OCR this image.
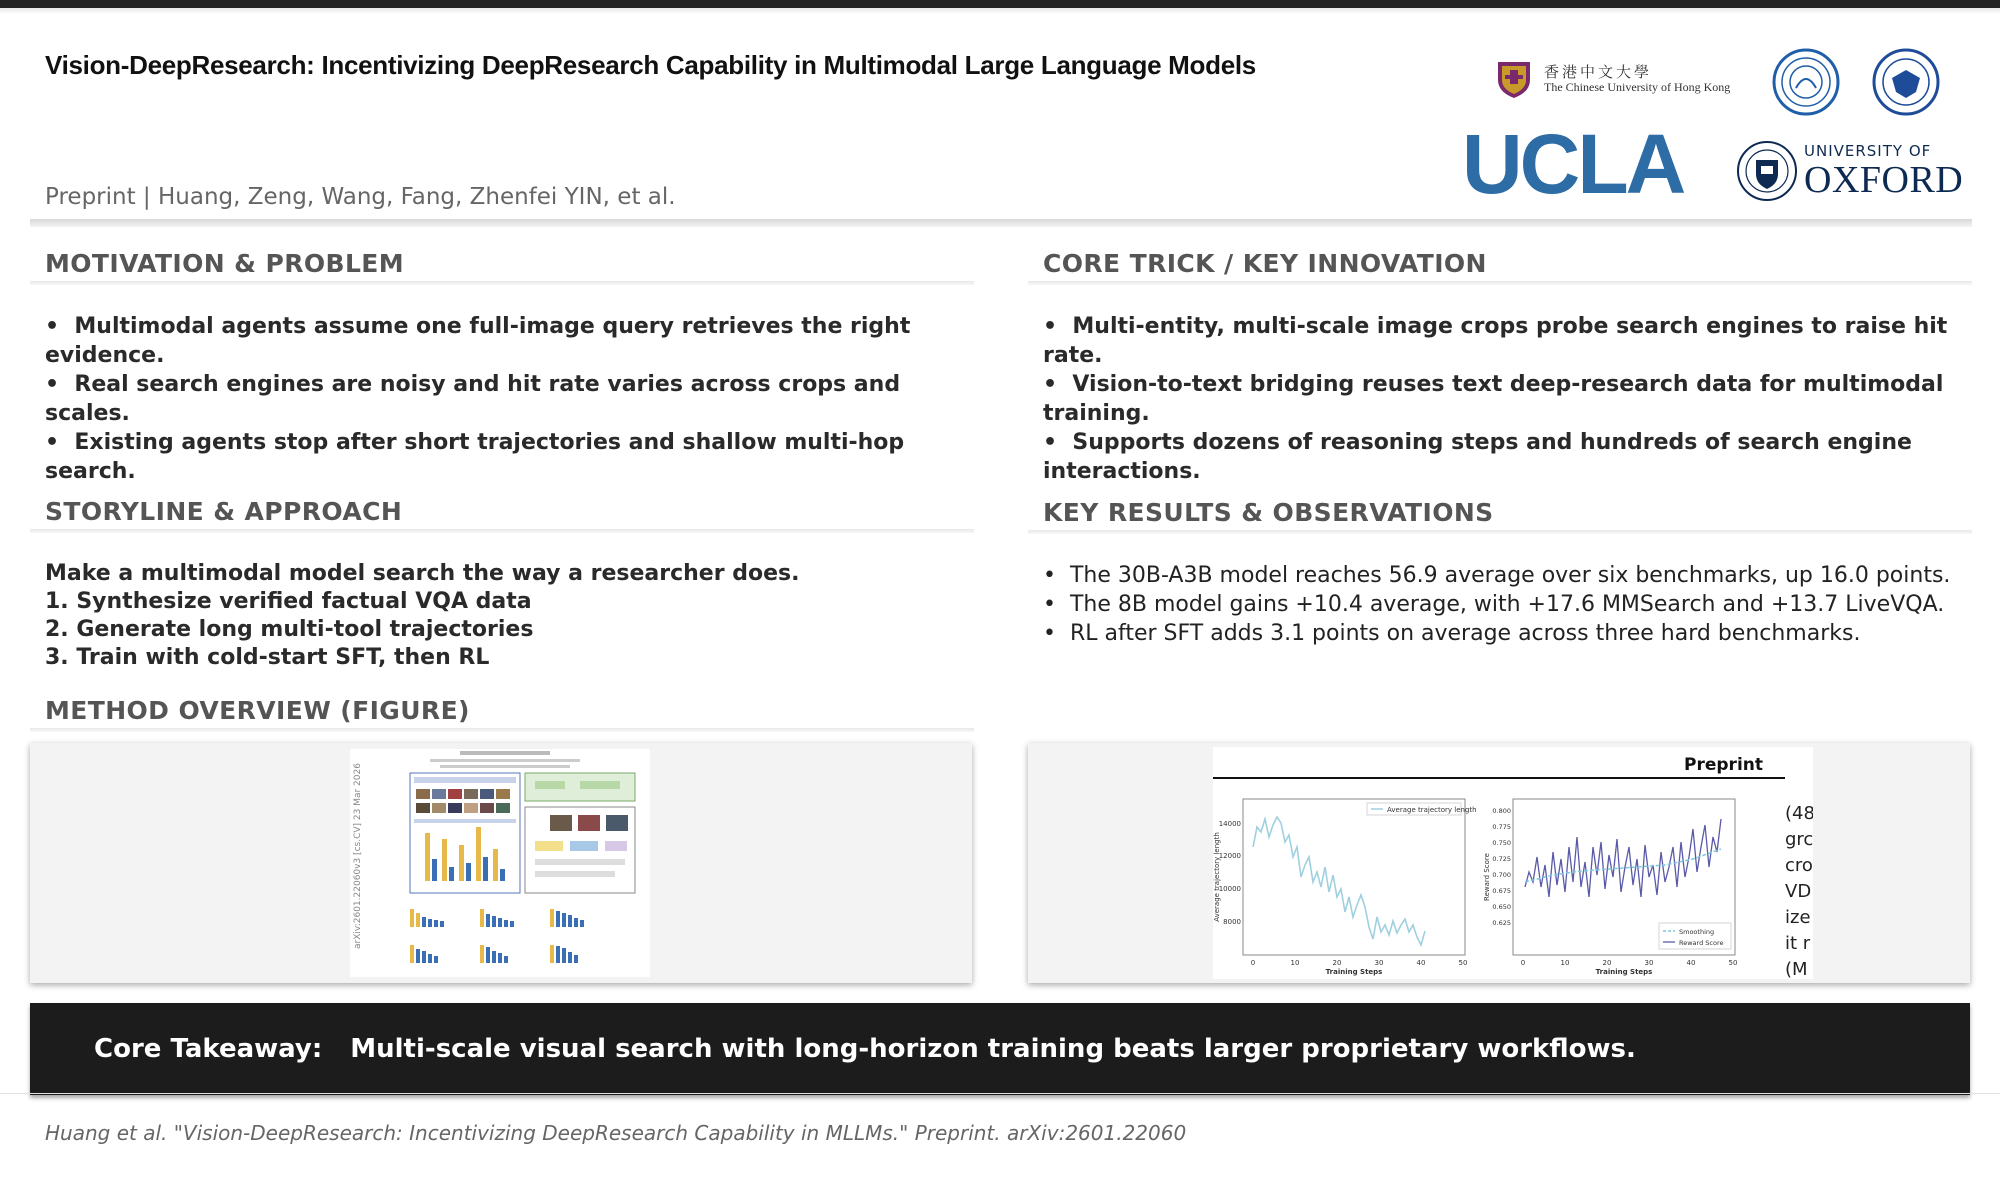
Vision-DeepResearch: Incentivizing DeepResearch Capability in Multimodal Large Language Models
Preprint | Huang, Zeng, Wang, Fang, Zhenfei YIN, et al.
香港中文大學
The Chinese University of Hong Kong
UCLA	UNIVERSITY OF
OXFORD
MOTIVATION & PROBLEM
•  Multimodal agents assume one full-image query retrieves the right evidence.
•  Real search engines are noisy and hit rate varies across crops and scales.
•  Existing agents stop after short trajectories and shallow multi-hop search.
CORE TRICK / KEY INNOVATION
•  Multi-entity, multi-scale image crops probe search engines to raise hit rate.
•  Vision-to-text bridging reuses text deep-research data for multimodal training.
•  Supports dozens of reasoning steps and hundreds of search engine interactions.
STORYLINE & APPROACH
Make a multimodal model search the way a researcher does.
1. Synthesize verified factual VQA data
2. Generate long multi-tool trajectories
3. Train with cold-start SFT, then RL
KEY RESULTS & OBSERVATIONS
•  The 30B-A3B model reaches 56.9 average over six benchmarks, up 16.0 points.
•  The 8B model gains +10.4 average, with +17.6 MMSearch and +13.7 LiveVQA.
•  RL after SFT adds 3.1 points on average across three hard benchmarks.
METHOD OVERVIEW (FIGURE)
arXiv:2601.22060v3 [cs.CV] 23 Mar 2026	Preprint
(48
grc
cro
VD
ize
it r
(M
Average trajectory length
Average trajectory length
14000
12000
10000
8000
0	10	20	30	40	50
Training Steps
Reward Score
0.800
0.775
0.750
0.725
0.700
0.675
0.650
0.625
0	10	20	30	40	50
Training Steps
Smoothing
Reward Score
Core Takeaway: Multi-scale visual search with long-horizon training beats larger proprietary workflows.
Huang et al. "Vision-DeepResearch: Incentivizing DeepResearch Capability in MLLMs." Preprint. arXiv:2601.22060
